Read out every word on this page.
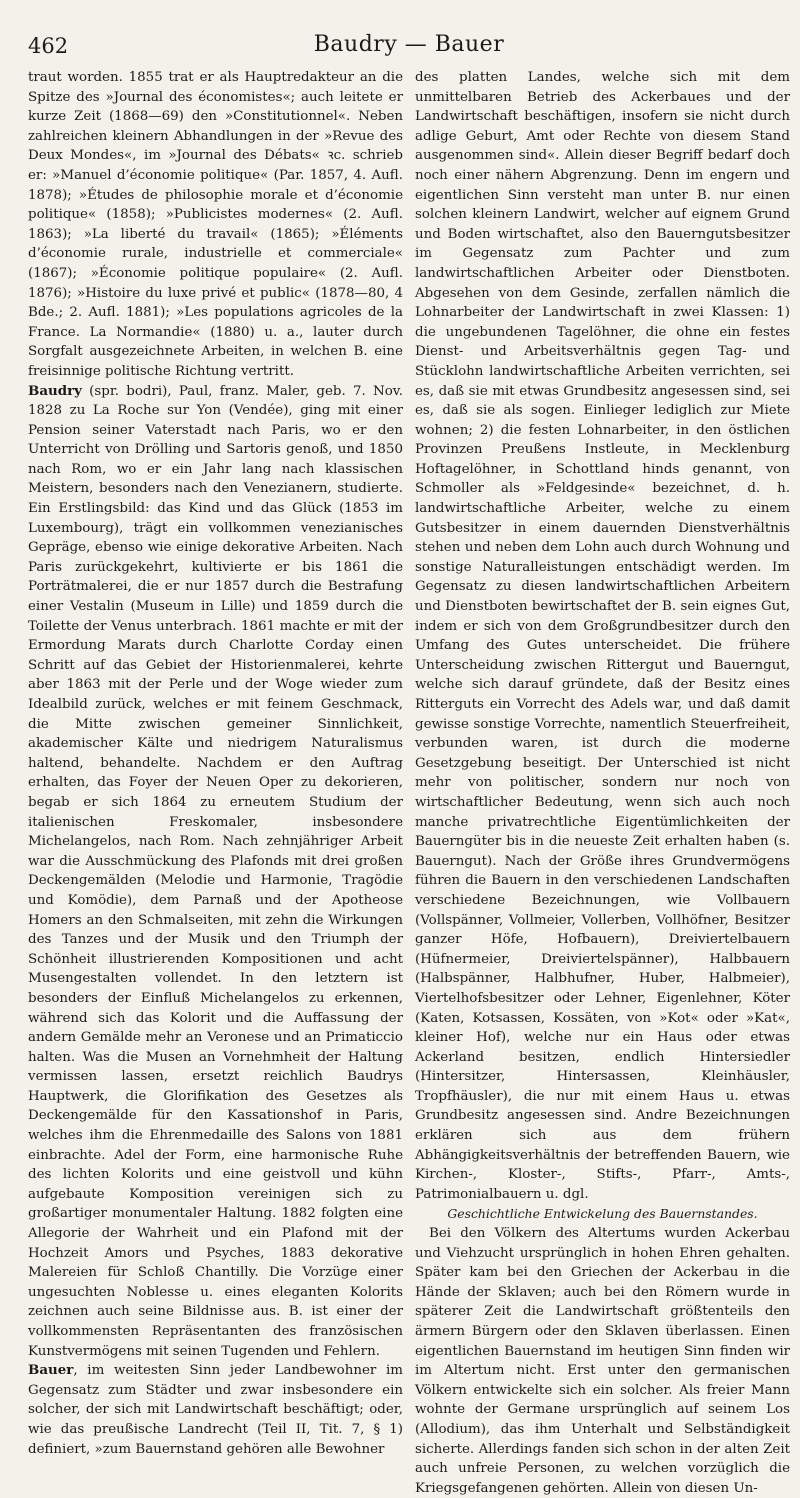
462	Baudry — Bauer

traut worden. 1855 trat er als Hauptredakteur an die Spitze des »Journal des économistes«; auch leitete er kurze Zeit (1868—69) den »Constitutionnel«. Neben zahlreichen kleinern Abhandlungen in der »Revue des Deux Mondes«, im »Journal des Débats« ꝛc. schrieb er: »Manuel d’économie politique« (Par. 1857, 4. Aufl. 1878); »Études de philosophie morale et d’économie politique« (1858); »Publicistes modernes« (2. Aufl. 1863); »La liberté du travail« (1865); »Éléments d’économie rurale, industrielle et commerciale« (1867); »Économie politique populaire« (2. Aufl. 1876); »Histoire du luxe privé et public« (1878—80, 4 Bde.; 2. Aufl. 1881); »Les populations agricoles de la France. La Normandie« (1880) u. a., lauter durch Sorgfalt ausgezeichnete Arbeiten, in welchen B. eine freisinnige politische Richtung vertritt.

Baudry (spr. bodri), Paul, franz. Maler, geb. 7. Nov. 1828 zu La Roche sur Yon (Vendée), ging mit einer Pension seiner Vaterstadt nach Paris, wo er den Unterricht von Drölling und Sartoris genoß, und 1850 nach Rom, wo er ein Jahr lang nach klassischen Meistern, besonders nach den Venezianern, studierte. Ein Erstlingsbild: das Kind und das Glück (1853 im Luxembourg), trägt ein vollkommen venezianisches Gepräge, ebenso wie einige dekorative Arbeiten. Nach Paris zurückgekehrt, kultivierte er bis 1861 die Porträtmalerei, die er nur 1857 durch die Bestrafung einer Vestalin (Museum in Lille) und 1859 durch die Toilette der Venus unterbrach. 1861 machte er mit der Ermordung Marats durch Charlotte Corday einen Schritt auf das Gebiet der Historienmalerei, kehrte aber 1863 mit der Perle und der Woge wieder zum Idealbild zurück, welches er mit feinem Geschmack, die Mitte zwischen gemeiner Sinnlichkeit, akademischer Kälte und niedrigem Naturalismus haltend, behandelte. Nachdem er den Auftrag erhalten, das Foyer der Neuen Oper zu dekorieren, begab er sich 1864 zu erneutem Studium der italienischen Freskomaler, insbesondere Michelangelos, nach Rom. Nach zehnjähriger Arbeit war die Ausschmückung des Plafonds mit drei großen Deckengemälden (Melodie und Harmonie, Tragödie und Komödie), dem Parnaß und der Apotheose Homers an den Schmalseiten, mit zehn die Wirkungen des Tanzes und der Musik und den Triumph der Schönheit illustrierenden Kompositionen und acht Musengestalten vollendet. In den letztern ist besonders der Einfluß Michelangelos zu erkennen, während sich das Kolorit und die Auffassung der andern Gemälde mehr an Veronese und an Primaticcio halten. Was die Musen an Vornehmheit der Haltung vermissen lassen, ersetzt reichlich Baudrys Hauptwerk, die Glorifikation des Gesetzes als Deckengemälde für den Kassationshof in Paris, welches ihm die Ehrenmedaille des Salons von 1881 einbrachte. Adel der Form, eine harmonische Ruhe des lichten Kolorits und eine geistvoll und kühn aufgebaute Komposition vereinigen sich zu großartiger monumentaler Haltung. 1882 folgten eine Allegorie der Wahrheit und ein Plafond mit der Hochzeit Amors und Psyches, 1883 dekorative Malereien für Schloß Chantilly. Die Vorzüge einer ungesuchten Noblesse u. eines eleganten Kolorits zeichnen auch seine Bildnisse aus. B. ist einer der vollkommensten Repräsentanten des französischen Kunstvermögens mit seinen Tugenden und Fehlern.

Bauer, im weitesten Sinn jeder Landbewohner im Gegensatz zum Städter und zwar insbesondere ein solcher, der sich mit Landwirtschaft beschäftigt; oder, wie das preußische Landrecht (Teil II, Tit. 7, § 1) definiert, »zum Bauernstand gehören alle Bewohner

des platten Landes, welche sich mit dem unmittelbaren Betrieb des Ackerbaues und der Landwirtschaft beschäftigen, insofern sie nicht durch adlige Geburt, Amt oder Rechte von diesem Stand ausgenommen sind«. Allein dieser Begriff bedarf doch noch einer nähern Abgrenzung. Denn im engern und eigentlichen Sinn versteht man unter B. nur einen solchen kleinern Landwirt, welcher auf eignem Grund und Boden wirtschaftet, also den Bauerngutsbesitzer im Gegensatz zum Pachter und zum landwirtschaftlichen Arbeiter oder Dienstboten. Abgesehen von dem Gesinde, zerfallen nämlich die Lohnarbeiter der Landwirtschaft in zwei Klassen: 1) die ungebundenen Tagelöhner, die ohne ein festes Dienst- und Arbeitsverhältnis gegen Tag- und Stücklohn landwirtschaftliche Arbeiten verrichten, sei es, daß sie mit etwas Grundbesitz angesessen sind, sei es, daß sie als sogen. Einlieger lediglich zur Miete wohnen; 2) die festen Lohnarbeiter, in den östlichen Provinzen Preußens Instleute, in Mecklenburg Hoftagelöhner, in Schottland hinds genannt, von Schmoller als »Feldgesinde« bezeichnet, d. h. landwirtschaftliche Arbeiter, welche zu einem Gutsbesitzer in einem dauernden Dienstverhältnis stehen und neben dem Lohn auch durch Wohnung und sonstige Naturalleistungen entschädigt werden. Im Gegensatz zu diesen landwirtschaftlichen Arbeitern und Dienstboten bewirtschaftet der B. sein eignes Gut, indem er sich von dem Großgrundbesitzer durch den Umfang des Gutes unterscheidet. Die frühere Unterscheidung zwischen Rittergut und Bauerngut, welche sich darauf gründete, daß der Besitz eines Ritterguts ein Vorrecht des Adels war, und daß damit gewisse sonstige Vorrechte, namentlich Steuerfreiheit, verbunden waren, ist durch die moderne Gesetzgebung beseitigt. Der Unterschied ist nicht mehr von politischer, sondern nur noch von wirtschaftlicher Bedeutung, wenn sich auch noch manche privatrechtliche Eigentümlichkeiten der Bauerngüter bis in die neueste Zeit erhalten haben (s. Bauerngut). Nach der Größe ihres Grundvermögens führen die Bauern in den verschiedenen Landschaften verschiedene Bezeichnungen, wie Vollbauern (Vollspänner, Vollmeier, Vollerben, Vollhöfner, Besitzer ganzer Höfe, Hofbauern), Dreiviertelbauern (Hüfnermeier, Dreiviertelspänner), Halbbauern (Halbspänner, Halbhufner, Huber, Halbmeier), Viertelhofsbesitzer oder Lehner, Eigenlehner, Köter (Katen, Kotsassen, Kossäten, von »Kot« oder »Kat«, kleiner Hof), welche nur ein Haus oder etwas Ackerland besitzen, endlich Hintersiedler (Hintersitzer, Hintersassen, Kleinhäusler, Tropfhäusler), die nur mit einem Haus u. etwas Grundbesitz angesessen sind. Andre Bezeichnungen erklären sich aus dem frühern Abhängigkeitsverhältnis der betreffenden Bauern, wie Kirchen-, Kloster-, Stifts-, Pfarr-, Amts-, Patrimonialbauern u. dgl.

Geschichtliche Entwickelung des Bauernstandes.

Bei den Völkern des Altertums wurden Ackerbau und Viehzucht ursprünglich in hohen Ehren gehalten. Später kam bei den Griechen der Ackerbau in die Hände der Sklaven; auch bei den Römern wurde in späterer Zeit die Landwirtschaft größtenteils den ärmern Bürgern oder den Sklaven überlassen. Einen eigentlichen Bauernstand im heutigen Sinn finden wir im Altertum nicht. Erst unter den germanischen Völkern entwickelte sich ein solcher. Als freier Mann wohnte der Germane ursprünglich auf seinem Los (Allodium), das ihm Unterhalt und Selbständigkeit sicherte. Allerdings fanden sich schon in der alten Zeit auch unfreie Personen, zu welchen vorzüglich die Kriegsgefangenen gehörten. Allein von diesen Un-
